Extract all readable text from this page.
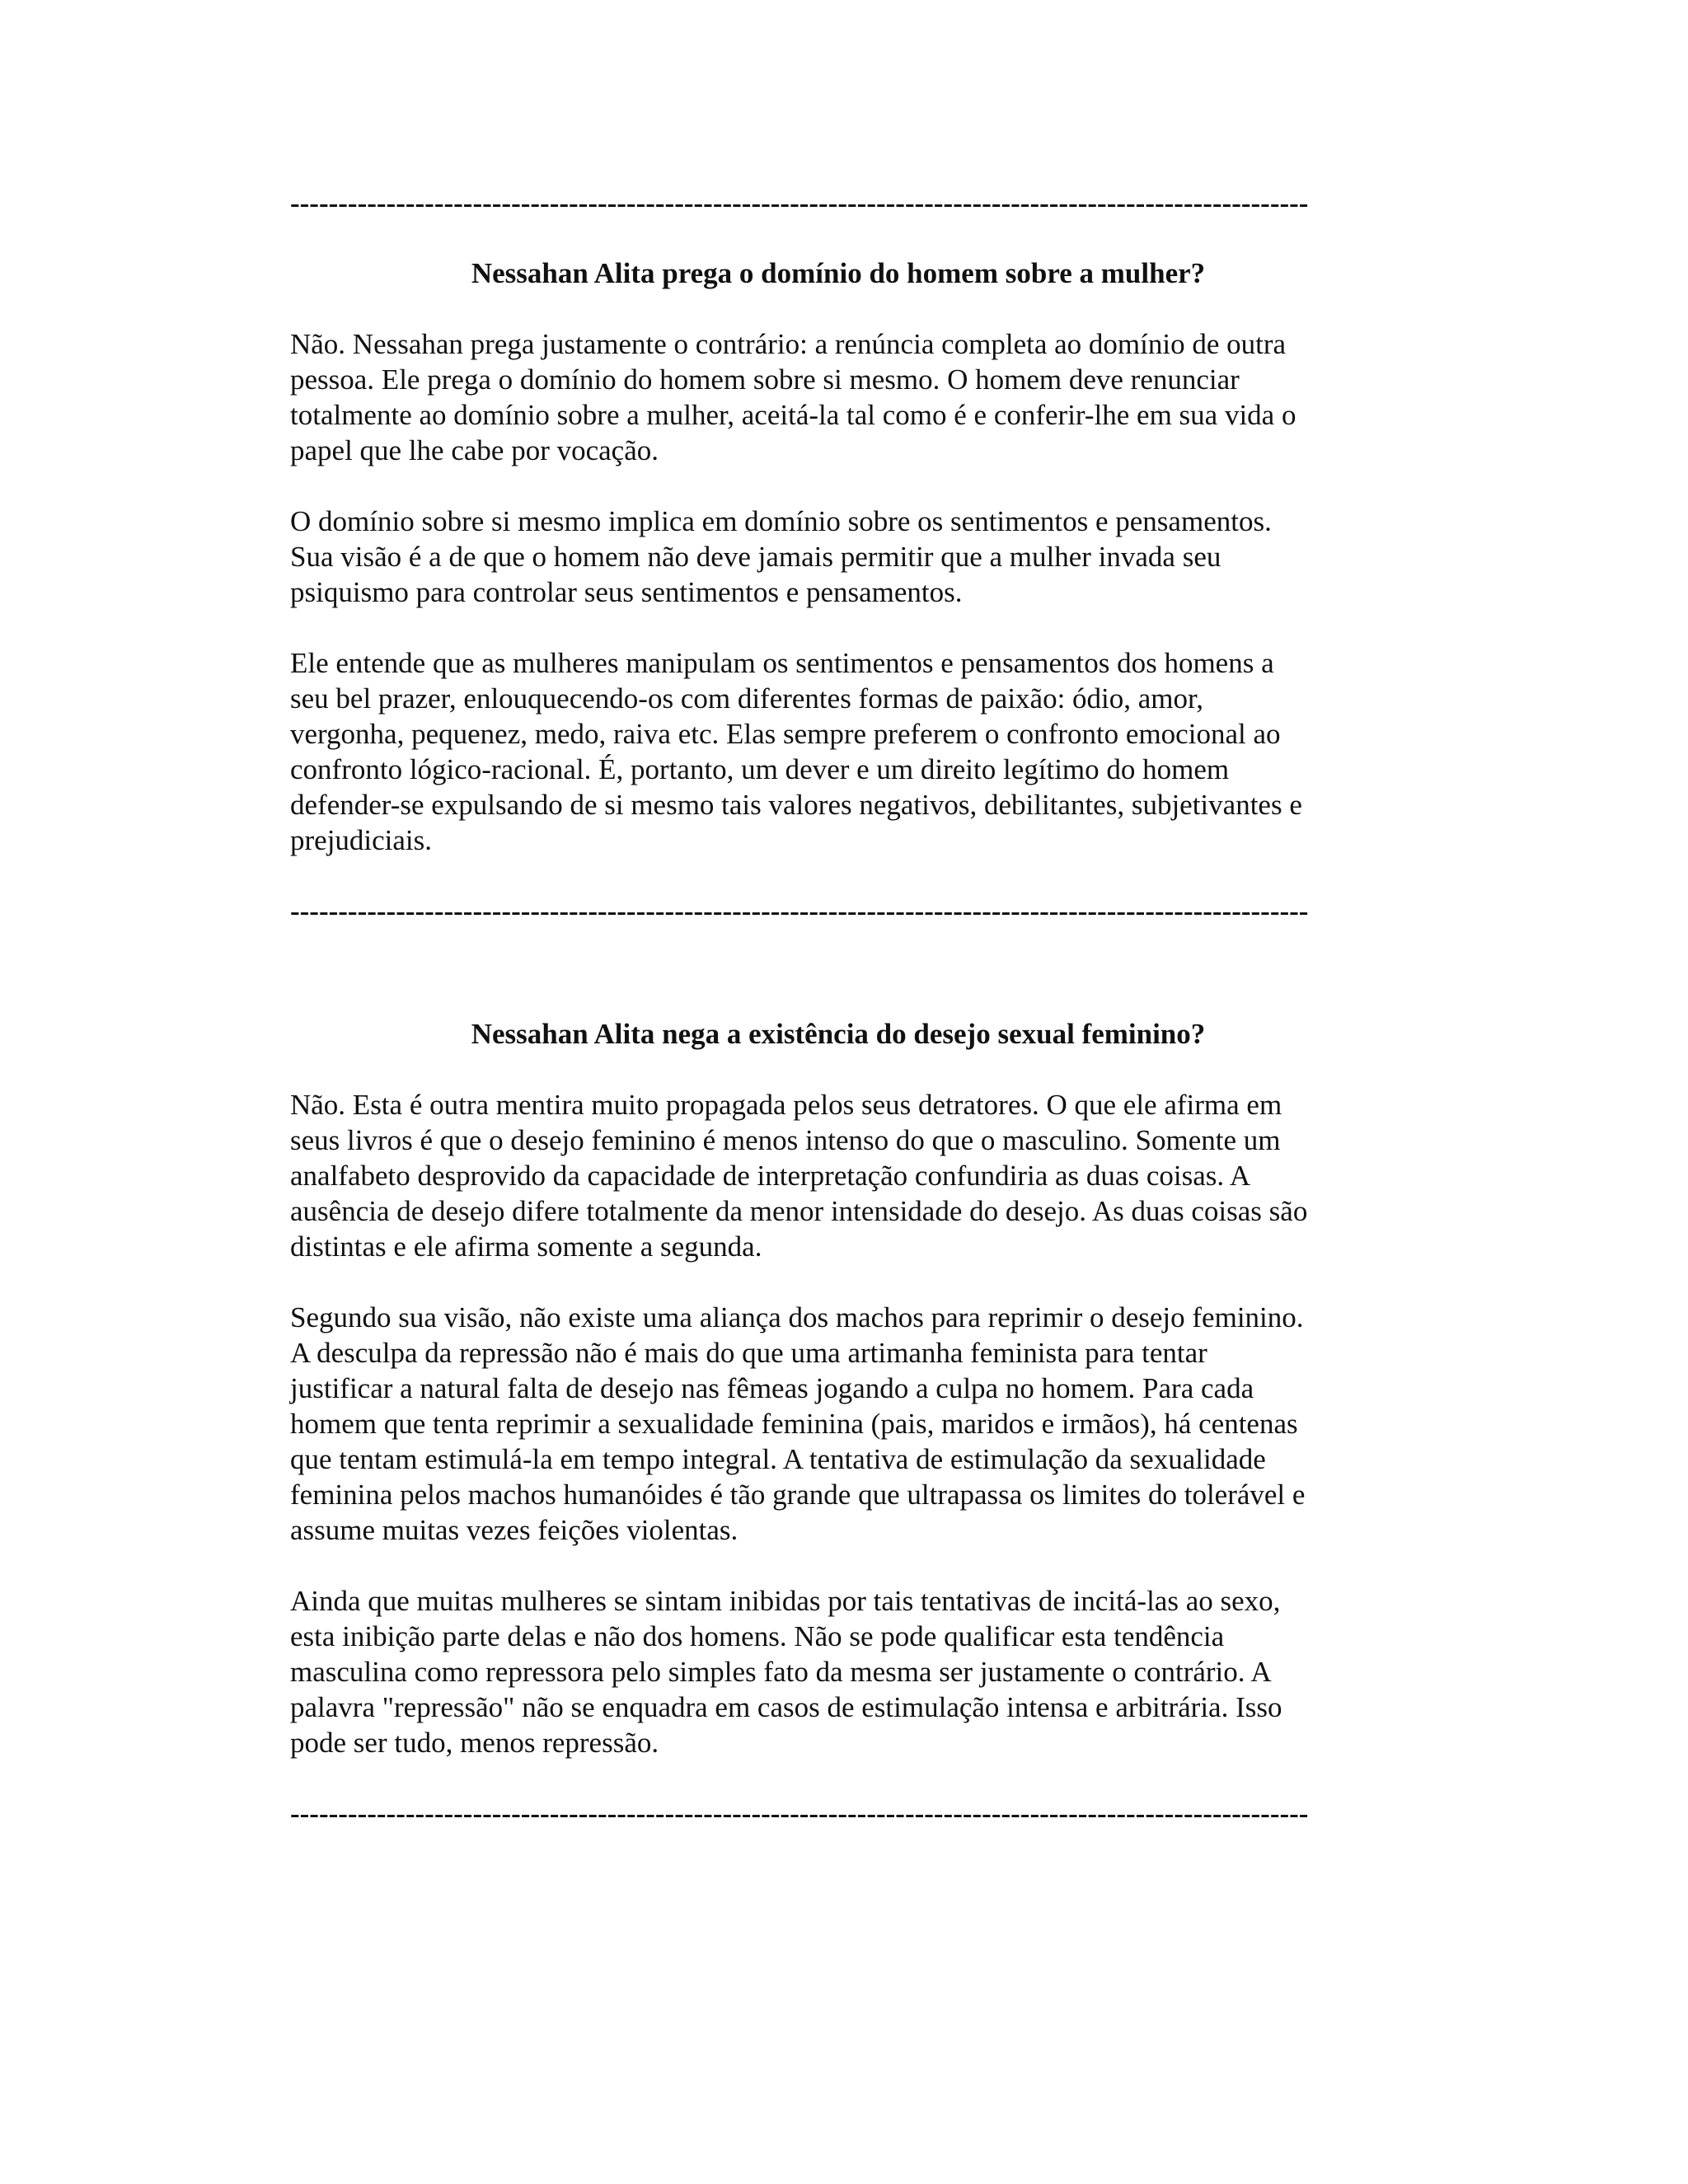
----------------------------------------------------------------------------------------------------------
Nessahan Alita prega o domínio do homem sobre a mulher?

Não. Nessahan prega justamente o contrário: a renúncia completa ao domínio de outra
pessoa. Ele prega o domínio do homem sobre si mesmo. O homem deve renunciar
totalmente ao domínio sobre a mulher, aceitá-la tal como é e conferir-lhe em sua vida o
papel que lhe cabe por vocação.

O domínio sobre si mesmo implica em domínio sobre os sentimentos e pensamentos.
Sua visão é a de que o homem não deve jamais permitir que a mulher invada seu
psiquismo para controlar seus sentimentos e pensamentos.

Ele entende que as mulheres manipulam os sentimentos e pensamentos dos homens a
seu bel prazer, enlouquecendo-os com diferentes formas de paixão: ódio, amor,
vergonha, pequenez, medo, raiva etc. Elas sempre preferem o confronto emocional ao
confronto lógico-racional. É, portanto, um dever e um direito legítimo do homem
defender-se expulsando de si mesmo tais valores negativos, debilitantes, subjetivantes e
prejudiciais.

----------------------------------------------------------------------------------------------------------
Nessahan Alita nega a existência do desejo sexual feminino?

Não. Esta é outra mentira muito propagada pelos seus detratores. O que ele afirma em
seus livros é que o desejo feminino é menos intenso do que o masculino. Somente um
analfabeto desprovido da capacidade de interpretação confundiria as duas coisas. A
ausência de desejo difere totalmente da menor intensidade do desejo. As duas coisas são
distintas e ele afirma somente a segunda.

Segundo sua visão, não existe uma aliança dos machos para reprimir o desejo feminino.
A desculpa da repressão não é mais do que uma artimanha feminista para tentar
justificar a natural falta de desejo nas fêmeas jogando a culpa no homem. Para cada
homem que tenta reprimir a sexualidade feminina (pais, maridos e irmãos), há centenas
que tentam estimulá-la em tempo integral. A tentativa de estimulação da sexualidade
feminina pelos machos humanóides é tão grande que ultrapassa os limites do tolerável e
assume muitas vezes feições violentas.

Ainda que muitas mulheres se sintam inibidas por tais tentativas de incitá-las ao sexo,
esta inibição parte delas e não dos homens. Não se pode qualificar esta tendência
masculina como repressora pelo simples fato da mesma ser justamente o contrário. A
palavra "repressão" não se enquadra em casos de estimulação intensa e arbitrária. Isso
pode ser tudo, menos repressão.

----------------------------------------------------------------------------------------------------------
